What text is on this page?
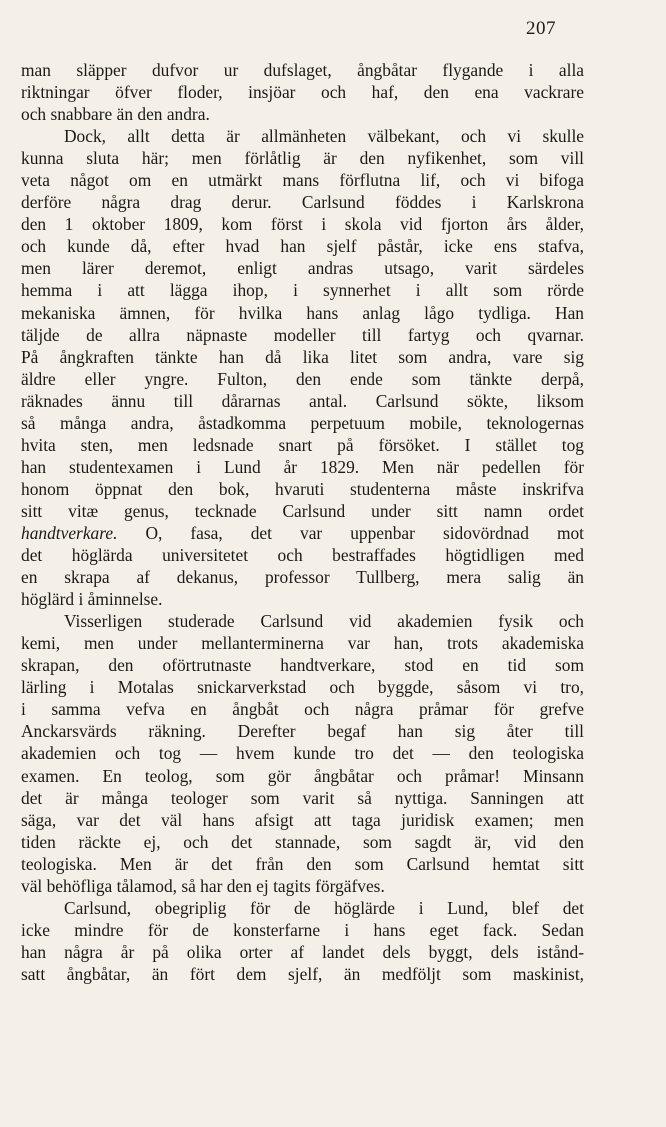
207
man släpper dufvor ur dufslaget, ångbåtar flygande i alla
riktningar öfver floder, insjöar och haf, den ena vackrare
och snabbare än den andra.
Dock, allt detta är allmänheten välbekant, och vi skulle
kunna sluta här; men förlåtlig är den nyfikenhet, som vill
veta något om en utmärkt mans förflutna lif, och vi bifoga
derföre några drag derur. Carlsund föddes i Karlskrona
den 1 oktober 1809, kom först i skola vid fjorton års ålder,
och kunde då, efter hvad han sjelf påstår, icke ens stafva,
men lärer deremot, enligt andras utsago, varit särdeles
hemma i att lägga ihop, i synnerhet i allt som rörde
mekaniska ämnen, för hvilka hans anlag lågo tydliga. Han
täljde de allra näpnaste modeller till fartyg och qvarnar.
På ångkraften tänkte han då lika litet som andra, vare sig
äldre eller yngre. Fulton, den ende som tänkte derpå,
räknades ännu till dårarnas antal. Carlsund sökte, liksom
så många andra, åstadkomma perpetuum mobile, teknologernas
hvita sten, men ledsnade snart på försöket. I stället tog
han studentexamen i Lund år 1829. Men när pedellen för
honom öppnat den bok, hvaruti studenterna måste inskrifva
sitt vitæ genus, tecknade Carlsund under sitt namn ordet
handtverkare. O, fasa, det var uppenbar sidovördnad mot
det höglärda universitetet och bestraffades högtidligen med
en skrapa af dekanus, professor Tullberg, mera salig än
höglärd i åminnelse.
Visserligen studerade Carlsund vid akademien fysik och
kemi, men under mellanterminerna var han, trots akademiska
skrapan, den oförtrutnaste handtverkare, stod en tid som
lärling i Motalas snickarverkstad och byggde, såsom vi tro,
i samma vefva en ångbåt och några pråmar för grefve
Anckarsvärds räkning. Derefter begaf han sig åter till
akademien och tog — hvem kunde tro det — den teologiska
examen. En teolog, som gör ångbåtar och pråmar! Minsann
det är många teologer som varit så nyttiga. Sanningen att
säga, var det väl hans afsigt att taga juridisk examen; men
tiden räckte ej, och det stannade, som sagdt är, vid den
teologiska. Men är det från den som Carlsund hemtat sitt
väl behöfliga tålamod, så har den ej tagits förgäfves.
Carlsund, obegriplig för de höglärde i Lund, blef det
icke mindre för de konsterfarne i hans eget fack. Sedan
han några år på olika orter af landet dels byggt, dels istånd-
satt ångbåtar, än fört dem sjelf, än medföljt som maskinist,
